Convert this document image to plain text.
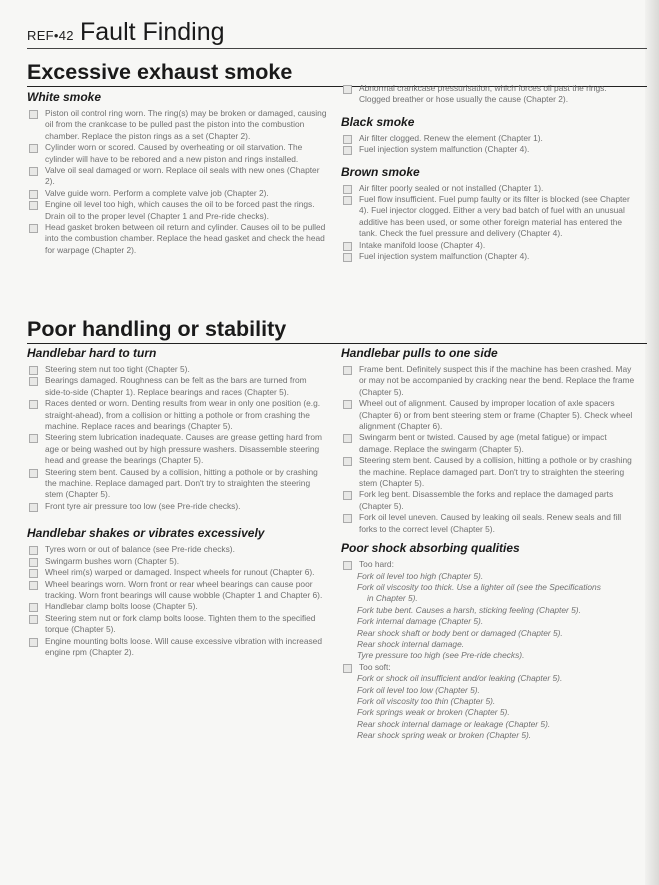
REF•42 Fault Finding
Excessive exhaust smoke
White smoke
Piston oil control ring worn. The ring(s) may be broken or damaged, causing oil from the crankcase to be pulled past the piston into the combustion chamber. Replace the piston rings as a set (Chapter 2).
Cylinder worn or scored. Caused by overheating or oil starvation. The cylinder will have to be rebored and a new piston and rings installed.
Valve oil seal damaged or worn. Replace oil seals with new ones (Chapter 2).
Valve guide worn. Perform a complete valve job (Chapter 2).
Engine oil level too high, which causes the oil to be forced past the rings. Drain oil to the proper level (Chapter 1 and Pre-ride checks).
Head gasket broken between oil return and cylinder. Causes oil to be pulled into the combustion chamber. Replace the head gasket and check the head for warpage (Chapter 2).
Abnormal crankcase pressurisation, which forces oil past the rings. Clogged breather or hose usually the cause (Chapter 2).
Black smoke
Air filter clogged. Renew the element (Chapter 1).
Fuel injection system malfunction (Chapter 4).
Brown smoke
Air filter poorly sealed or not installed (Chapter 1).
Fuel flow insufficient. Fuel pump faulty or its filter is blocked (see Chapter 4). Fuel injector clogged. Either a very bad batch of fuel with an unusual additive has been used, or some other foreign material has entered the tank. Check the fuel pressure and delivery (Chapter 4).
Intake manifold loose (Chapter 4).
Fuel injection system malfunction (Chapter 4).
Poor handling or stability
Handlebar hard to turn
Steering stem nut too tight (Chapter 5).
Bearings damaged. Roughness can be felt as the bars are turned from side-to-side (Chapter 1). Replace bearings and races (Chapter 5).
Races dented or worn. Denting results from wear in only one position (e.g. straight-ahead), from a collision or hitting a pothole or from crashing the machine. Replace races and bearings (Chapter 5).
Steering stem lubrication inadequate. Causes are grease getting hard from age or being washed out by high pressure washers. Disassemble steering head and grease the bearings (Chapter 5).
Steering stem bent. Caused by a collision, hitting a pothole or by crashing the machine. Replace damaged part. Don't try to straighten the steering stem (Chapter 5).
Front tyre air pressure too low (see Pre-ride checks).
Handlebar shakes or vibrates excessively
Tyres worn or out of balance (see Pre-ride checks).
Swingarm bushes worn (Chapter 5).
Wheel rim(s) warped or damaged. Inspect wheels for runout (Chapter 6).
Wheel bearings worn. Worn front or rear wheel bearings can cause poor tracking. Worn front bearings will cause wobble (Chapter 1 and Chapter 6).
Handlebar clamp bolts loose (Chapter 5).
Steering stem nut or fork clamp bolts loose. Tighten them to the specified torque (Chapter 5).
Engine mounting bolts loose. Will cause excessive vibration with increased engine rpm (Chapter 2).
Handlebar pulls to one side
Frame bent. Definitely suspect this if the machine has been crashed. May or may not be accompanied by cracking near the bend. Replace the frame (Chapter 5).
Wheel out of alignment. Caused by improper location of axle spacers (Chapter 6) or from bent steering stem or frame (Chapter 5). Check wheel alignment (Chapter 6).
Swingarm bent or twisted. Caused by age (metal fatigue) or impact damage. Replace the swingarm (Chapter 5).
Steering stem bent. Caused by a collision, hitting a pothole or by crashing the machine. Replace damaged part. Don't try to straighten the steering stem (Chapter 5).
Fork leg bent. Disassemble the forks and replace the damaged parts (Chapter 5).
Fork oil level uneven. Caused by leaking oil seals. Renew seals and fill forks to the correct level (Chapter 5).
Poor shock absorbing qualities
Too hard:
Fork oil level too high (Chapter 5).
Fork oil viscosity too thick. Use a lighter oil (see the Specifications
in Chapter 5).
Fork tube bent. Causes a harsh, sticking feeling (Chapter 5).
Fork internal damage (Chapter 5).
Rear shock shaft or body bent or damaged (Chapter 5).
Rear shock internal damage.
Tyre pressure too high (see Pre-ride checks).
Too soft:
Fork or shock oil insufficient and/or leaking (Chapter 5).
Fork oil level too low (Chapter 5).
Fork oil viscosity too thin (Chapter 5).
Fork springs weak or broken (Chapter 5).
Rear shock internal damage or leakage (Chapter 5).
Rear shock spring weak or broken (Chapter 5).
